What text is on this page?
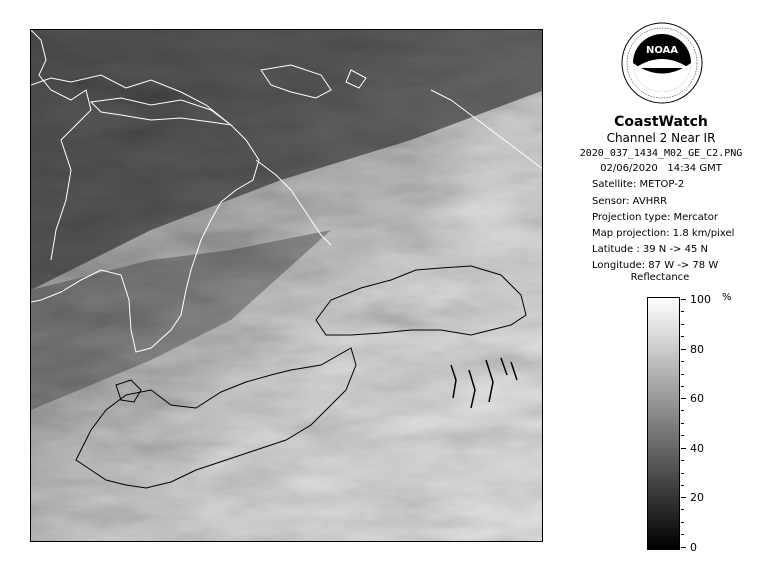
NOAA
CoastWatch
Channel 2 Near IR
2020_037_1434_M02_GE_C2.PNG
02/06/2020 14:34 GMT
Satellite: METOP-2
Sensor: AVHRR
Projection type: Mercator
Map projection: 1.8 km/pixel
Latitude : 39 N -> 45 N
Longitude: 87 W -> 78 W
Reflectance
%
100
80
60
40
20
0
